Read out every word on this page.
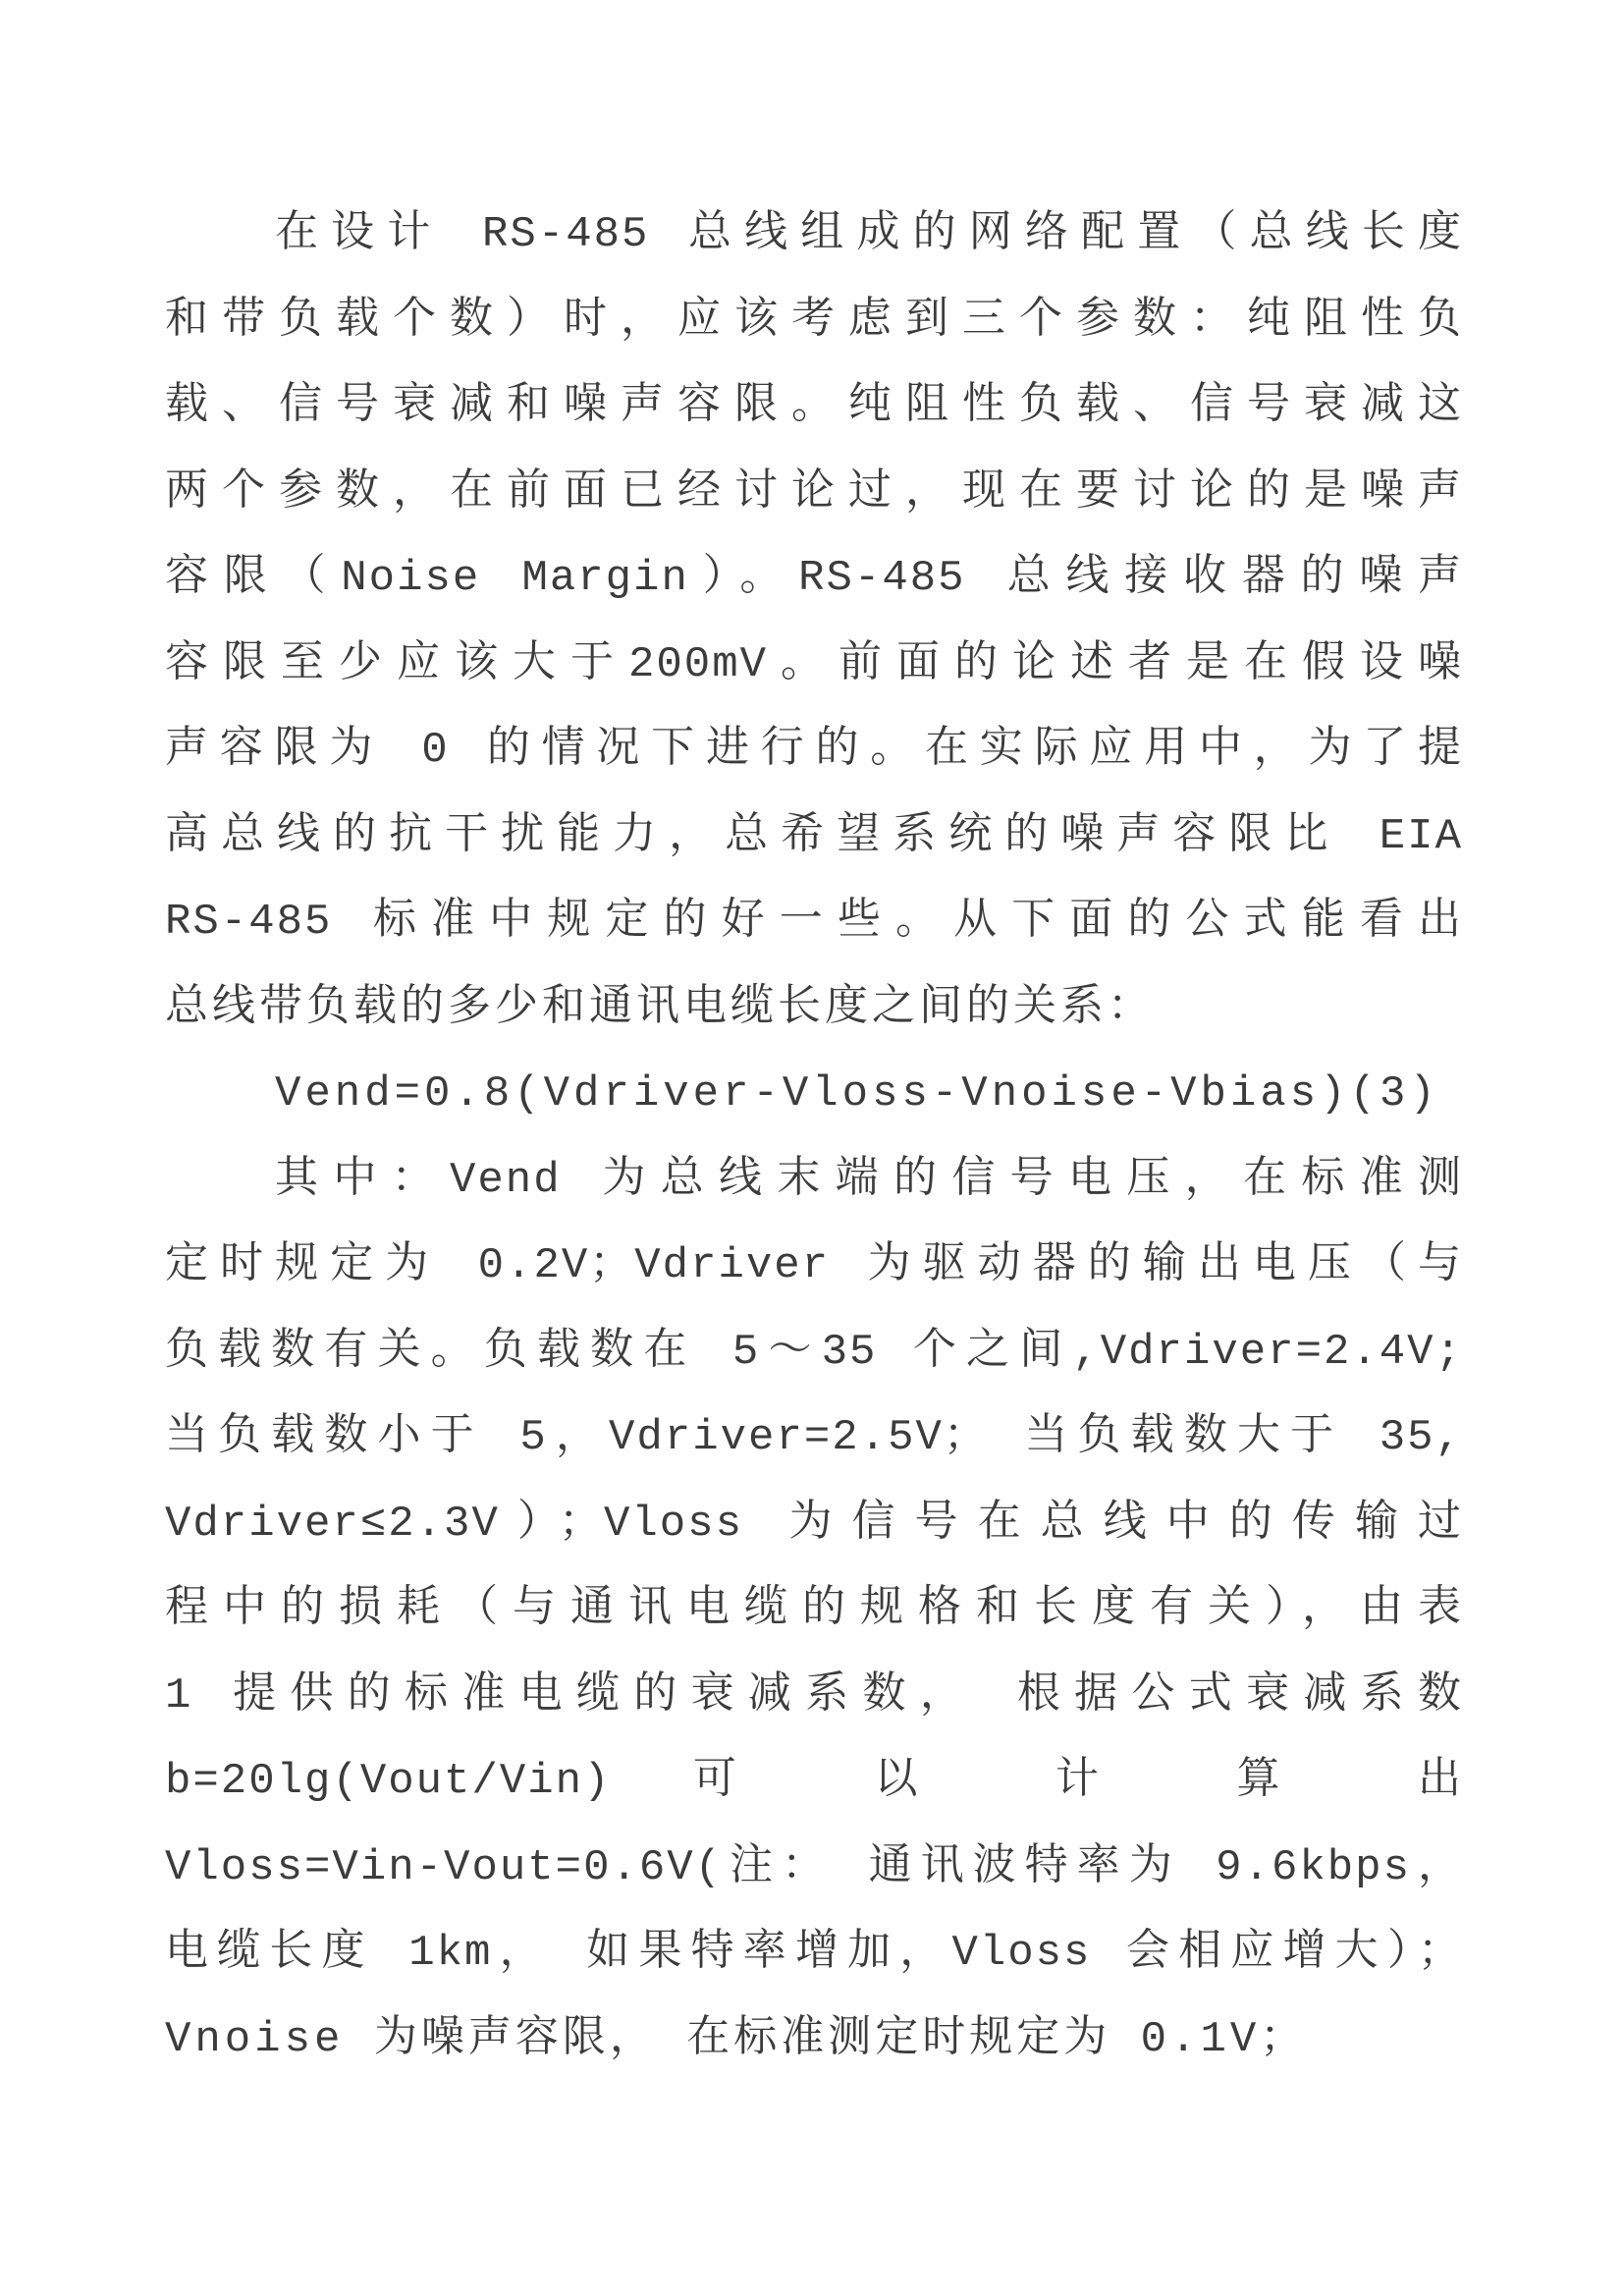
在设计 RS-485 总线组成的网络配置（总线长度
和带负载个数）时，应该考虑到三个参数：纯阻性负
载、信号衰减和噪声容限。纯阻性负载、信号衰减这
两个参数，在前面已经讨论过，现在要讨论的是噪声
容限（Noise Margin）。RS-485 总线接收器的噪声
容限至少应该大于200mV。前面的论述者是在假设噪
声容限为 0 的情况下进行的。在实际应用中，为了提
高总线的抗干扰能力，总希望系统的噪声容限比 EIA
RS-485 标准中规定的好一些。从下面的公式能看出
总线带负载的多少和通讯电缆长度之间的关系：
Vend=0.8(Vdriver-Vloss-Vnoise-Vbias)(3)
其中：Vend 为总线末端的信号电压，在标准测
定时规定为 0.2V；Vdriver 为驱动器的输出电压（与
负载数有关。负载数在 5～35 个之间,Vdriver=2.4V;
当负载数小于 5，Vdriver=2.5V； 当负载数大于 35,
Vdriver≤2.3V）；Vloss 为信号在总线中的传输过
程中的损耗（与通讯电缆的规格和长度有关），由表
1 提供的标准电缆的衰减系数， 根据公式衰减系数
b=20lg(Vout/Vin) 可 以 计 算 出
Vloss=Vin-Vout=0.6V(注： 通讯波特率为 9.6kbps，
电缆长度 1km， 如果特率增加，Vloss 会相应增大）；
Vnoise 为噪声容限， 在标准测定时规定为 0.1V；
